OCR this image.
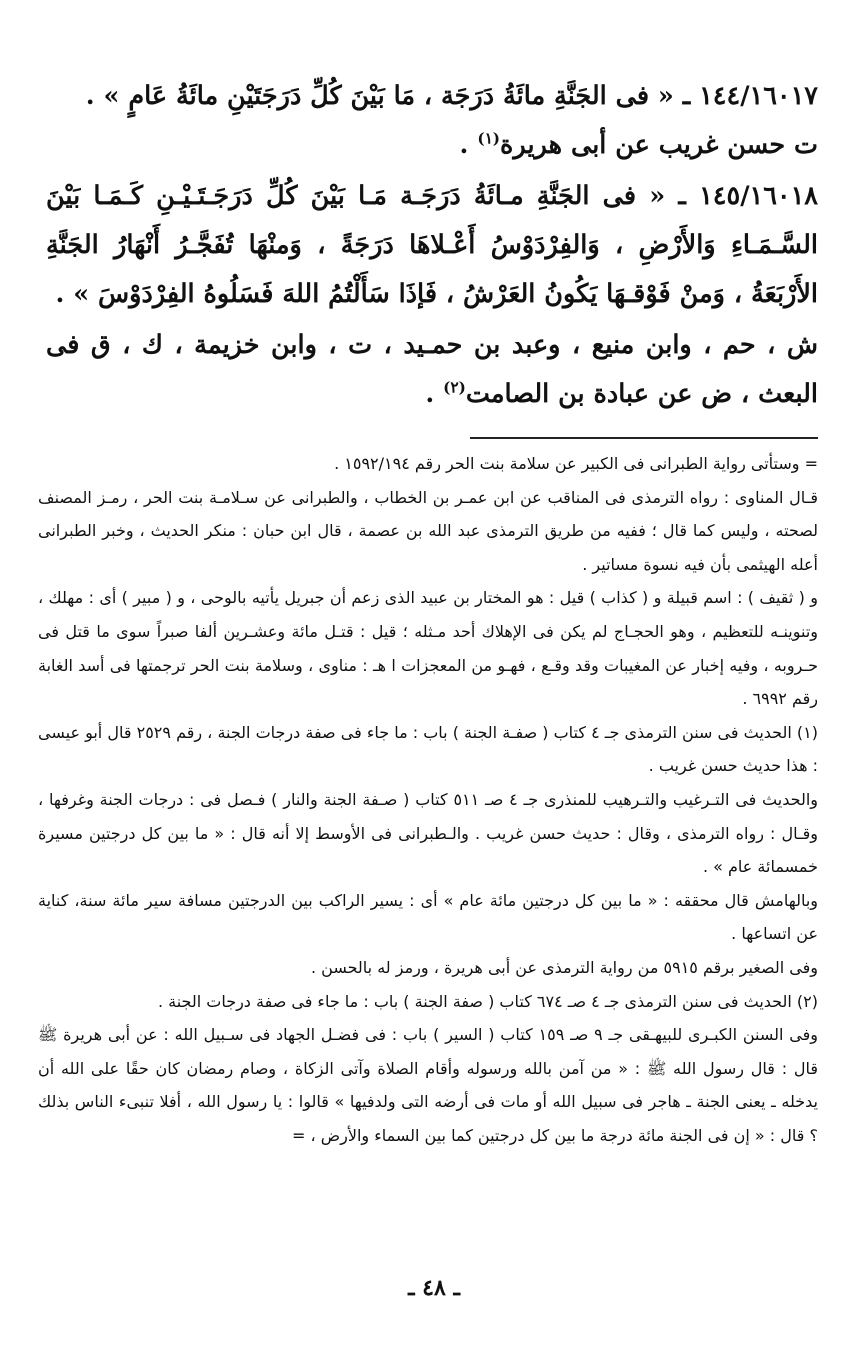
١٤٤/١٦٠١٧ ـ « فى الجَنَّةِ مائَةُ دَرَجَة ، مَا بَيْنَ كُلِّ دَرَجَتَيْنِ مائَةُ عَامٍ » .

ت حسن غريب عن أبى هريرة$^{(١)}$ .

١٤٥/١٦٠١٨ ـ « فى الجَنَّةِ مـائَةُ دَرَجَـة مَـا بَيْنَ كُلِّ دَرَجَـتَـيْـنِ كَـمَـا بَيْنَ السَّـمَـاءِ وَالأَرْضِ ، وَالفِرْدَوْسُ أَعْـلاهَا دَرَجَةً ، وَمنْهَا تُفَجَّـرُ أَنْهَارُ الجَنَّةِ الأَرْبَعَةُ ، وَمنْ فَوْقـهَا يَكُونُ العَرْشُ ، فَإذَا سَأَلْتُمُ اللهَ فَسَلُوهُ الفِرْدَوْسَ » .

ش ، حم ، وابن منيع ، وعبد بن حمـيد ، ت ، وابن خزيمة ، ك ، ق فى البعث ، ض عن عبادة بن الصامت$^{(٢)}$ .

= وستأتى رواية الطبرانى فى الكبير عن سلامة بنت الحر رقم ١٥٩٢/١٩٤ .

قـال المناوى : رواه الترمذى فى المناقب عن ابن عمـر بن الخطاب ، والطبرانى عن سـلامـة بنت الحر ، رمـز المصنف لصحته ، وليس كما قال ؛ ففيه من طريق الترمذى عبد الله بن عصمة ، قال ابن حبان : منكر الحديث ، وخبر الطبرانى أعله الهيثمى بأن فيه نسوة مساتير .

و ( ثقيف ) : اسم قبيلة و ( كذاب ) قيل : هو المختار بن عبيد الذى زعم أن جبريل يأتيه بالوحى ، و ( مبير ) أى : مهلك ، وتنوينـه للتعظيم ، وهو الحجـاج لم يكن فى الإهلاك أحد مـثله ؛ قيل : قتـل مائة وعشـرين ألفا صبراً سوى ما قتل فى حـروبه ، وفيه إخبار عن المغيبات وقد وقـع ، فهـو من المعجزات ا هـ : مناوى ، وسلامة بنت الحر ترجمتها فى أسد الغابة رقم ٦٩٩٢ .

(١) الحديث فى سنن الترمذى جـ ٤ كتاب ( صفـة الجنة ) باب : ما جاء فى صفة درجات الجنة ، رقم ٢٥٢٩ قال أبو عيسى : هذا حديث حسن غريب .

والحديث فى التـرغيب والتـرهيب للمنذرى جـ ٤ صـ ٥١١ كتاب ( صـفة الجنة والنار ) فـصل فى : درجات الجنة وغرفها ، وقـال : رواه الترمذى ، وقال : حديث حسن غريب . والـطبرانى فى الأوسط إلا أنه قال : « ما بين كل درجتين مسيرة خمسمائة عام » .

وبالهامش قال محققه : « ما بين كل درجتين مائة عام » أى : يسير الراكب بين الدرجتين مسافة سير مائة سنة، كناية عن اتساعها .

وفى الصغير برقم ٥٩١٥ من رواية الترمذى عن أبى هريرة ، ورمز له بالحسن .

(٢) الحديث فى سنن الترمذى جـ ٤ صـ ٦٧٤ كتاب ( صفة الجنة ) باب : ما جاء فى صفة درجات الجنة .

وفى السنن الكبـرى للبيهـقى جـ ٩ صـ ١٥٩ كتاب ( السير ) باب : فى فضـل الجهاد فى سـبيل الله : عن أبى هريرة ﷺ قال : قال رسول الله ﷺ : « من آمن بالله ورسوله وأقام الصلاة وآتى الزكاة ، وصام رمضان كان حقًا على الله أن يدخله ـ يعنى الجنة ـ هاجر فى سبيل الله أو مات فى أرضه التى ولدفيها » قالوا : يا رسول الله ، أفلا تنبىء الناس بذلك ؟ قال : « إن فى الجنة مائة درجة ما بين كل درجتين كما بين السماء والأرض ، =

ـ ٤٨ ـ
